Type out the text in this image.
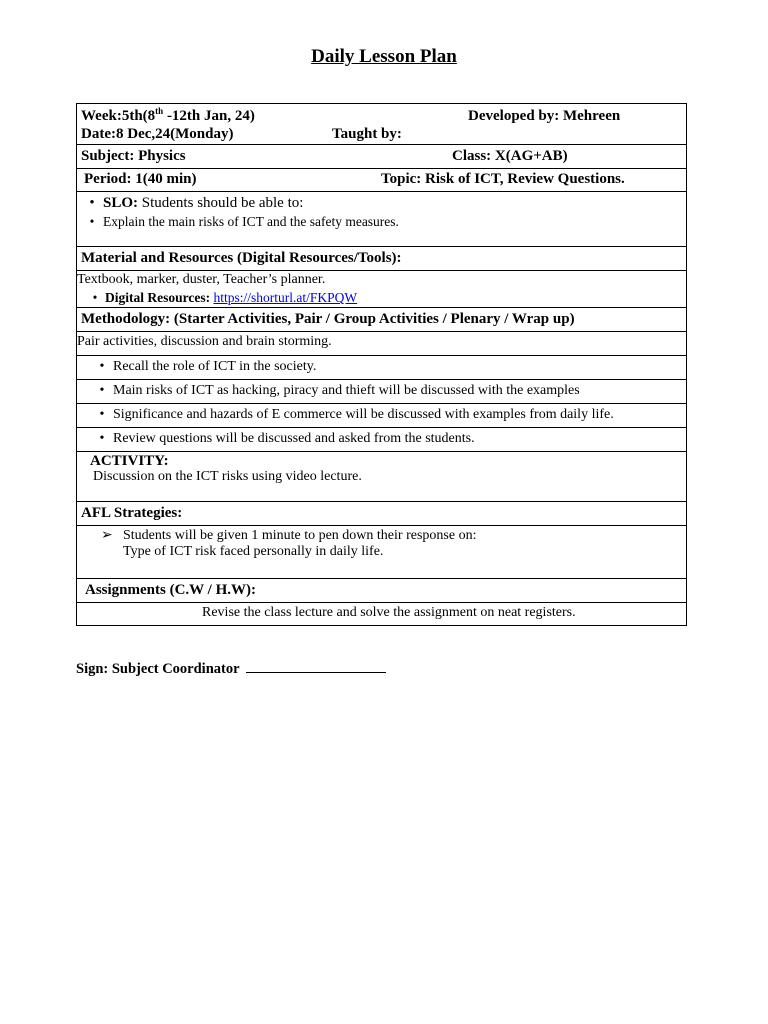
Daily Lesson Plan
Week:5th(8th -12th Jan, 24)	Developed by: Mehreen
Date:8 Dec,24(Monday)	Taught by:
Subject: Physics	Class: X(AG+AB)
Period: 1(40 min)	Topic: Risk of ICT, Review Questions.
• SLO: Students should be able to:
• Explain the main risks of ICT and the safety measures.
Material and Resources (Digital Resources/Tools):
Textbook, marker, duster, Teacher’s planner.
• Digital Resources: https://shorturl.at/FKPQW
Methodology: (Starter Activities, Pair / Group Activities / Plenary / Wrap up)
Pair activities, discussion and brain storming.
• Recall the role of ICT in the society.
• Main risks of ICT as hacking, piracy and thieft will be discussed with the examples
• Significance and hazards of E commerce will be discussed with examples from daily life.
• Review questions will be discussed and asked from the students.
ACTIVITY:
Discussion on the ICT risks using video lecture.
AFL Strategies:
➢ Students will be given 1 minute to pen down their response on:
Type of ICT risk faced personally in daily life.
Assignments (C.W / H.W):
Revise the class lecture and solve the assignment on neat registers.
Sign: Subject Coordinator
